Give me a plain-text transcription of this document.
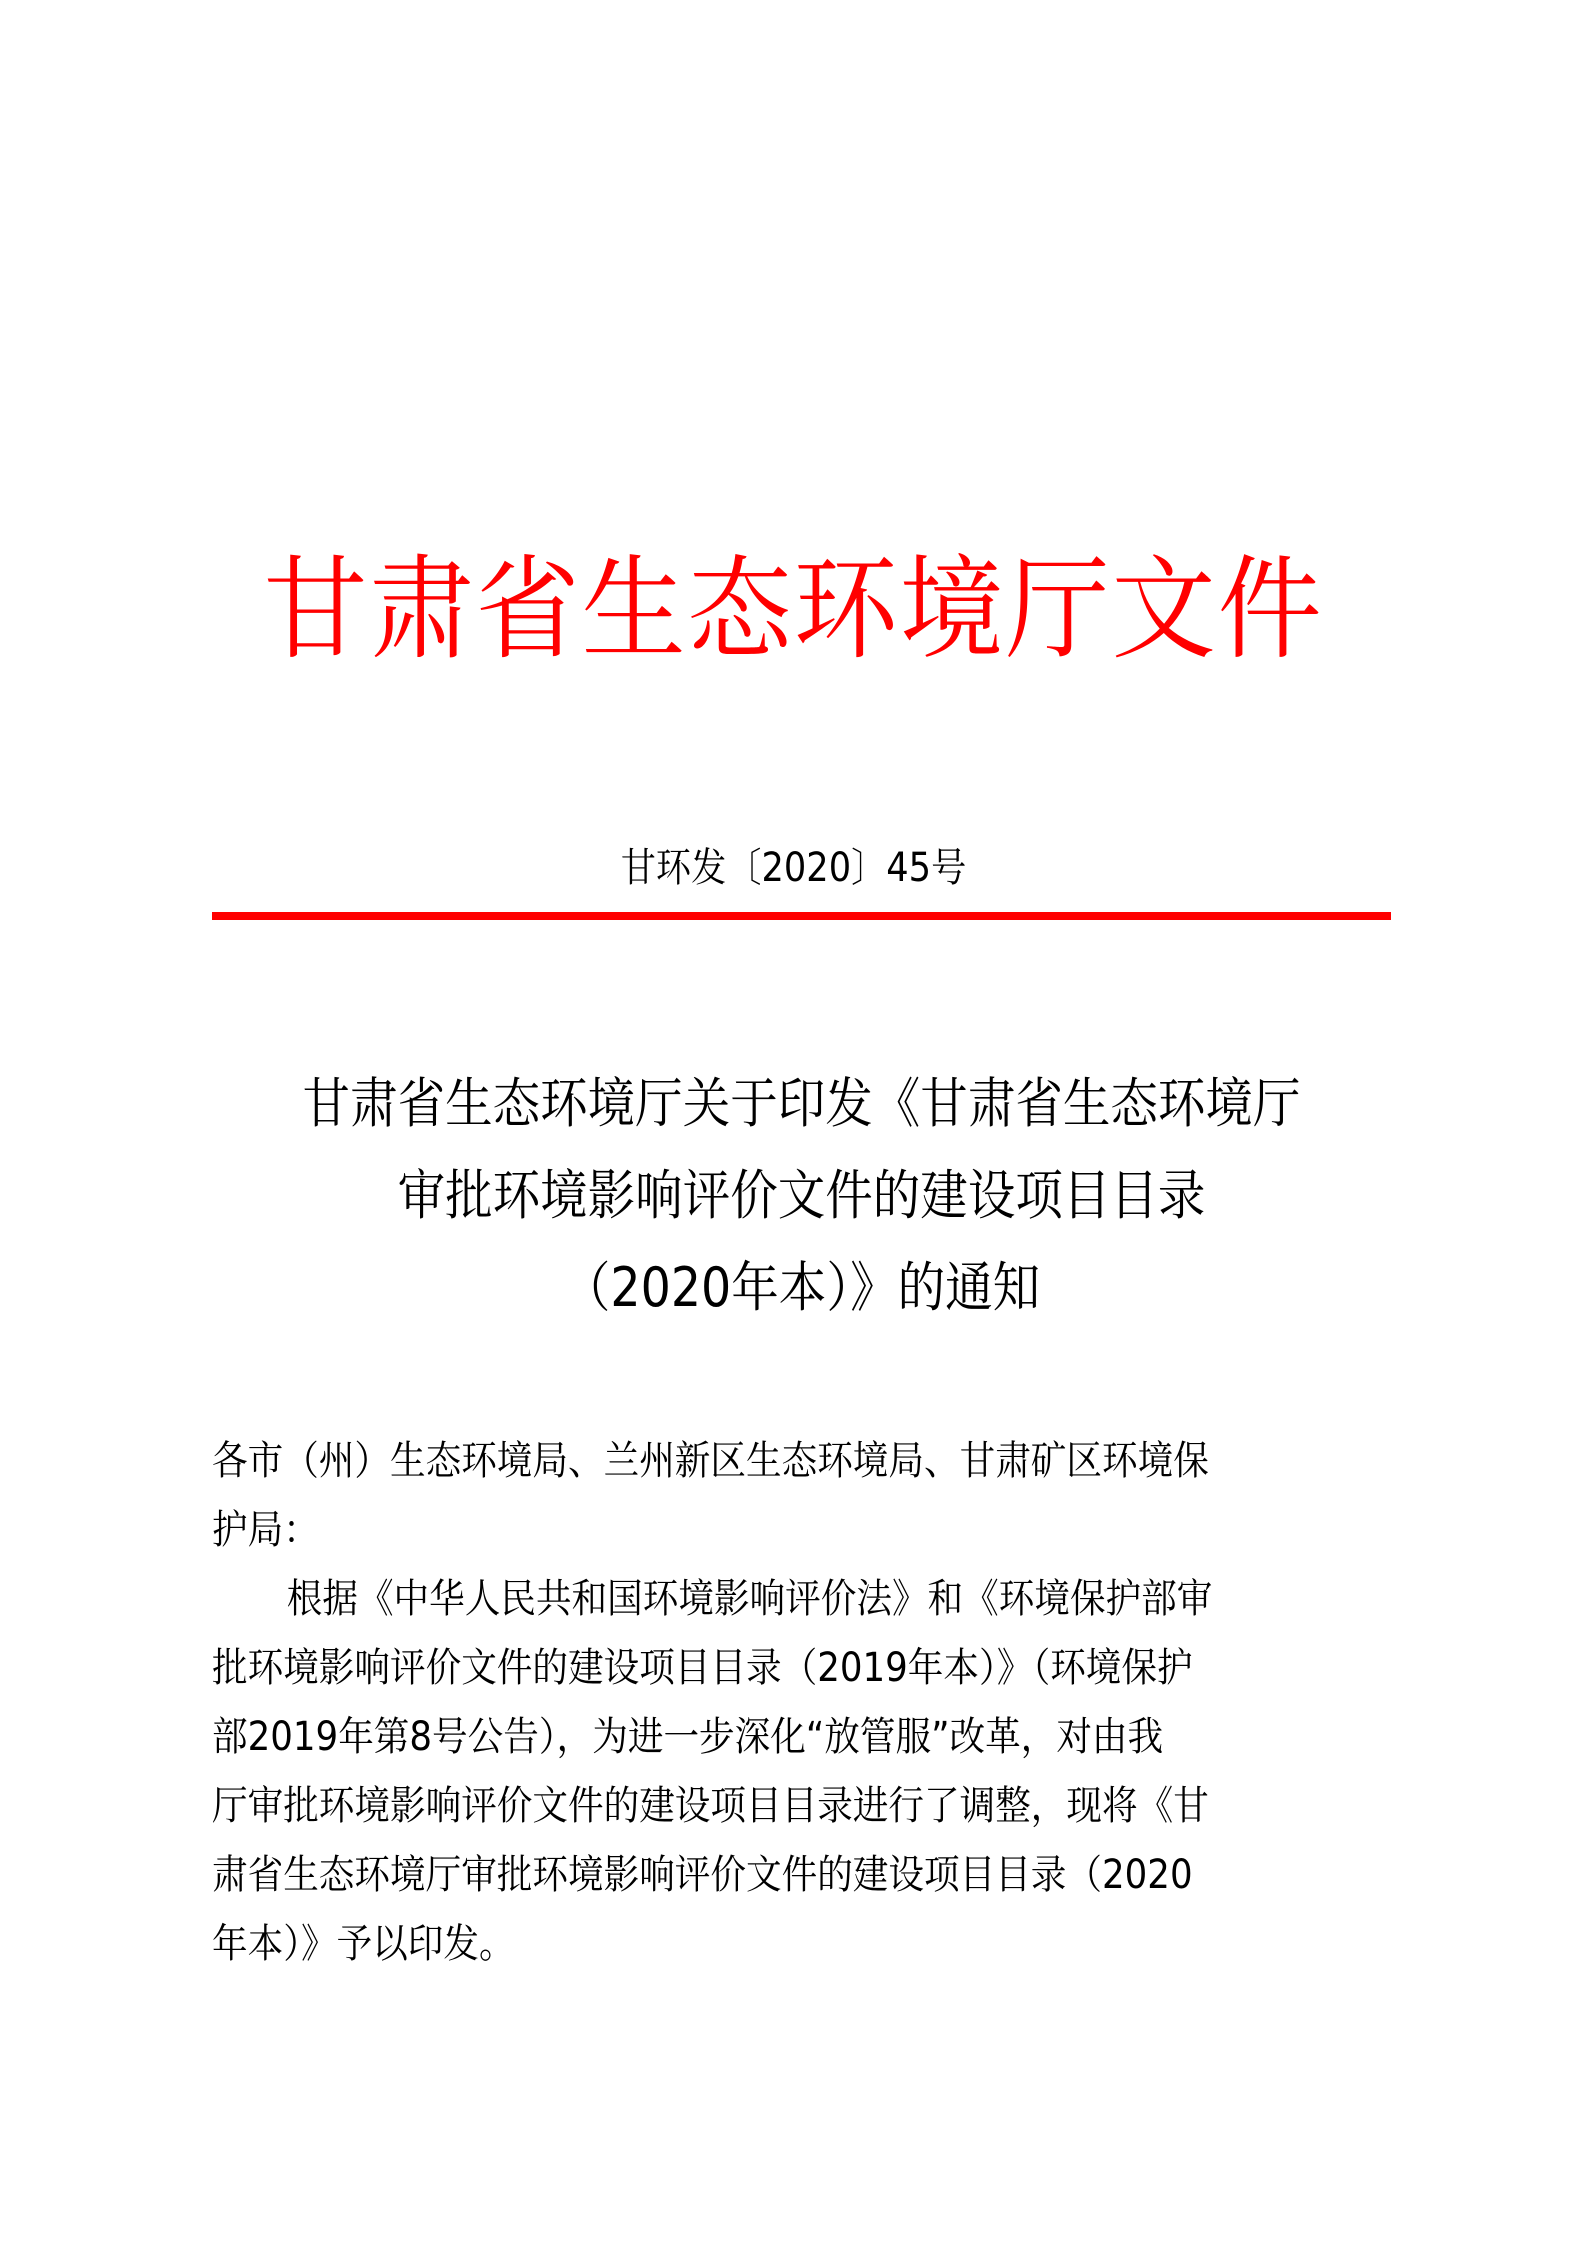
甘肃省生态环境厅文件
甘环发〔2020〕45号
甘肃省生态环境厅关于印发《甘肃省生态环境厅
审批环境影响评价文件的建设项目目录
（2020年本）》的通知
各市（州）生态环境局、兰州新区生态环境局、甘肃矿区环境保
护局：
根据《中华人民共和国环境影响评价法》和《环境保护部审
批环境影响评价文件的建设项目目录（2019年本）》（环境保护
部2019年第8号公告），为进一步深化“放管服”改革，对由我
厅审批环境影响评价文件的建设项目目录进行了调整，现将《甘
肃省生态环境厅审批环境影响评价文件的建设项目目录（2020
年本）》予以印发。
